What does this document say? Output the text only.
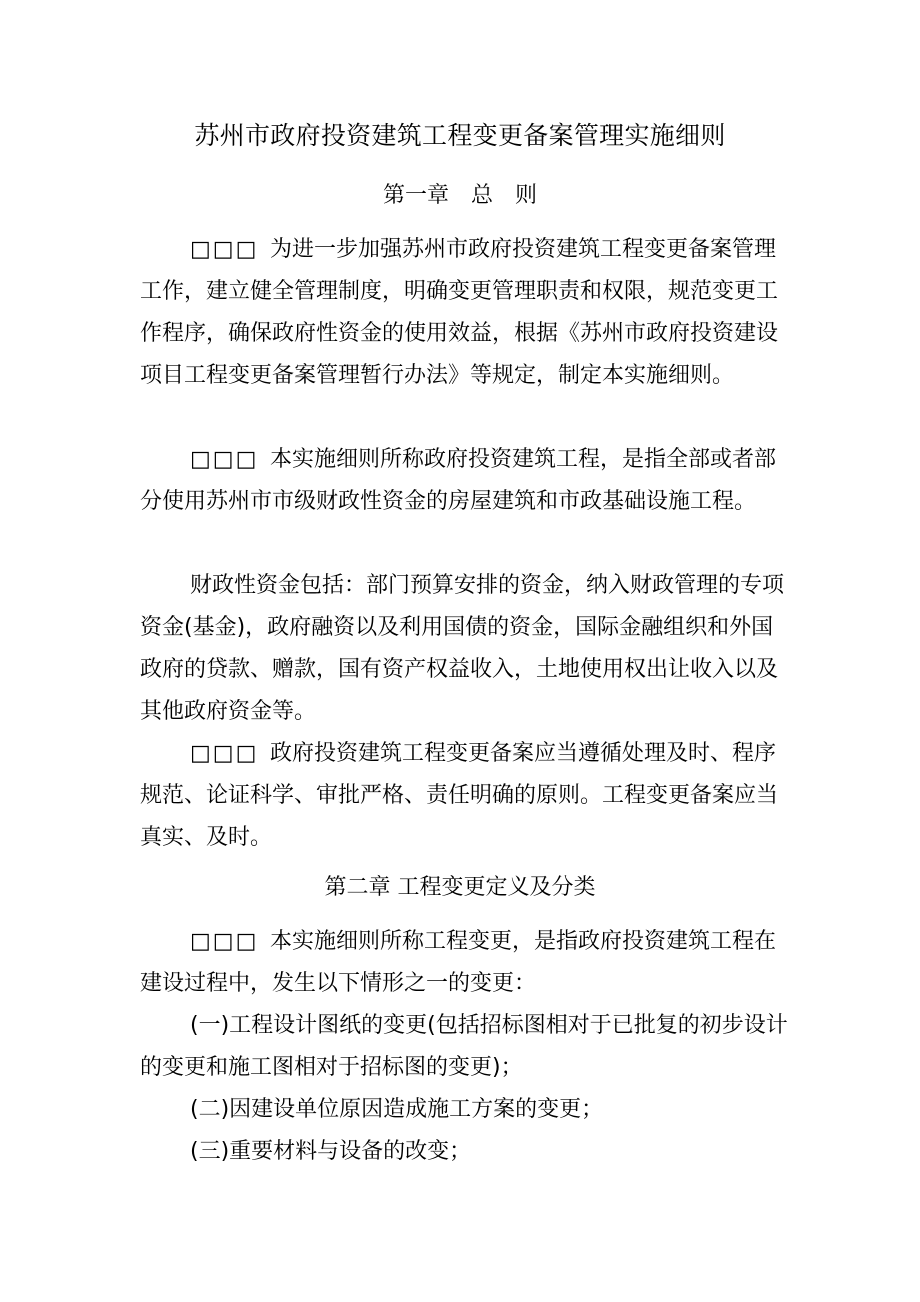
苏州市政府投资建筑工程变更备案管理实施细则
第一章　总　则

□□□ 为进一步加强苏州市政府投资建筑工程变更备案管理工作，建立健全管理制度，明确变更管理职责和权限，规范变更工作程序，确保政府性资金的使用效益，根据《苏州市政府投资建设项目工程变更备案管理暂行办法》等规定，制定本实施细则。

□□□ 本实施细则所称政府投资建筑工程，是指全部或者部分使用苏州市市级财政性资金的房屋建筑和市政基础设施工程。

财政性资金包括：部门预算安排的资金，纳入财政管理的专项资金(基金)，政府融资以及利用国债的资金，国际金融组织和外国政府的贷款、赠款，国有资产权益收入，土地使用权出让收入以及其他政府资金等。

□□□ 政府投资建筑工程变更备案应当遵循处理及时、程序规范、论证科学、审批严格、责任明确的原则。工程变更备案应当真实、及时。

第二章 工程变更定义及分类

□□□ 本实施细则所称工程变更，是指政府投资建筑工程在建设过程中，发生以下情形之一的变更：

(一)工程设计图纸的变更(包括招标图相对于已批复的初步设计的变更和施工图相对于招标图的变更)；

(二)因建设单位原因造成施工方案的变更；

(三)重要材料与设备的改变；
